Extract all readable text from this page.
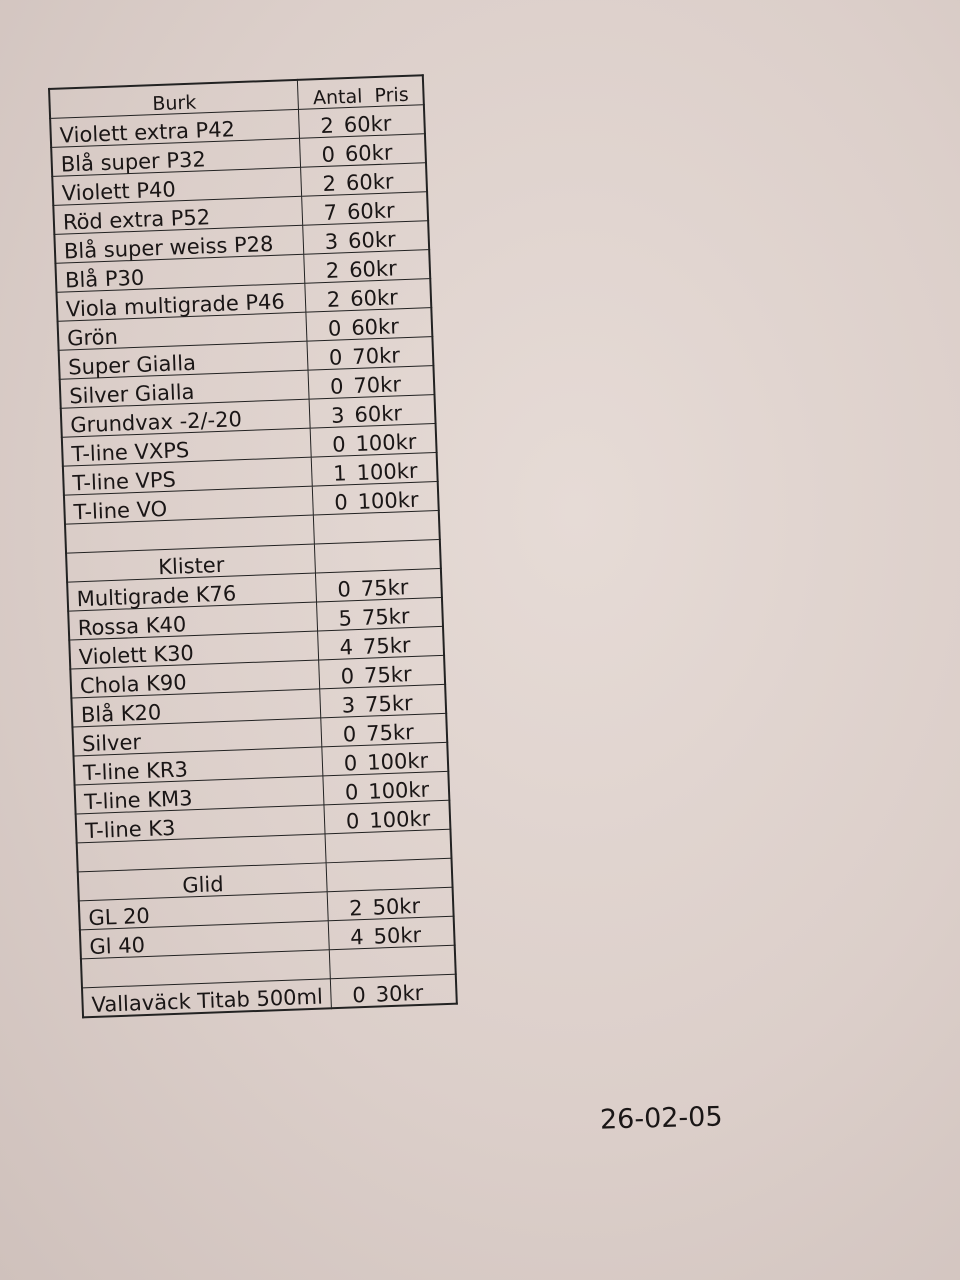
Burk	Antal Pris
Violett extra P42	2 60kr
Blå super P32	0 60kr
Violett P40	2 60kr
Röd extra P52	7 60kr
Blå super weiss P28	3 60kr
Blå P30	2 60kr
Viola multigrade P46	2 60kr
Grön	0 60kr
Super Gialla	0 70kr
Silver Gialla	0 70kr
Grundvax -2/-20	3 60kr
T-line VXPS	0 100kr
T-line VPS	1 100kr
T-line VO	0 100kr

Klister	
Multigrade K76	0 75kr
Rossa K40	5 75kr
Violett K30	4 75kr
Chola K90	0 75kr
Blå K20	3 75kr
Silver	0 75kr
T-line KR3	0 100kr
T-line KM3	0 100kr
T-line K3	0 100kr

Glid	
GL 20	2 50kr
Gl 40	4 50kr

Vallaväck Titab 500ml	0 30kr
26-02-05
